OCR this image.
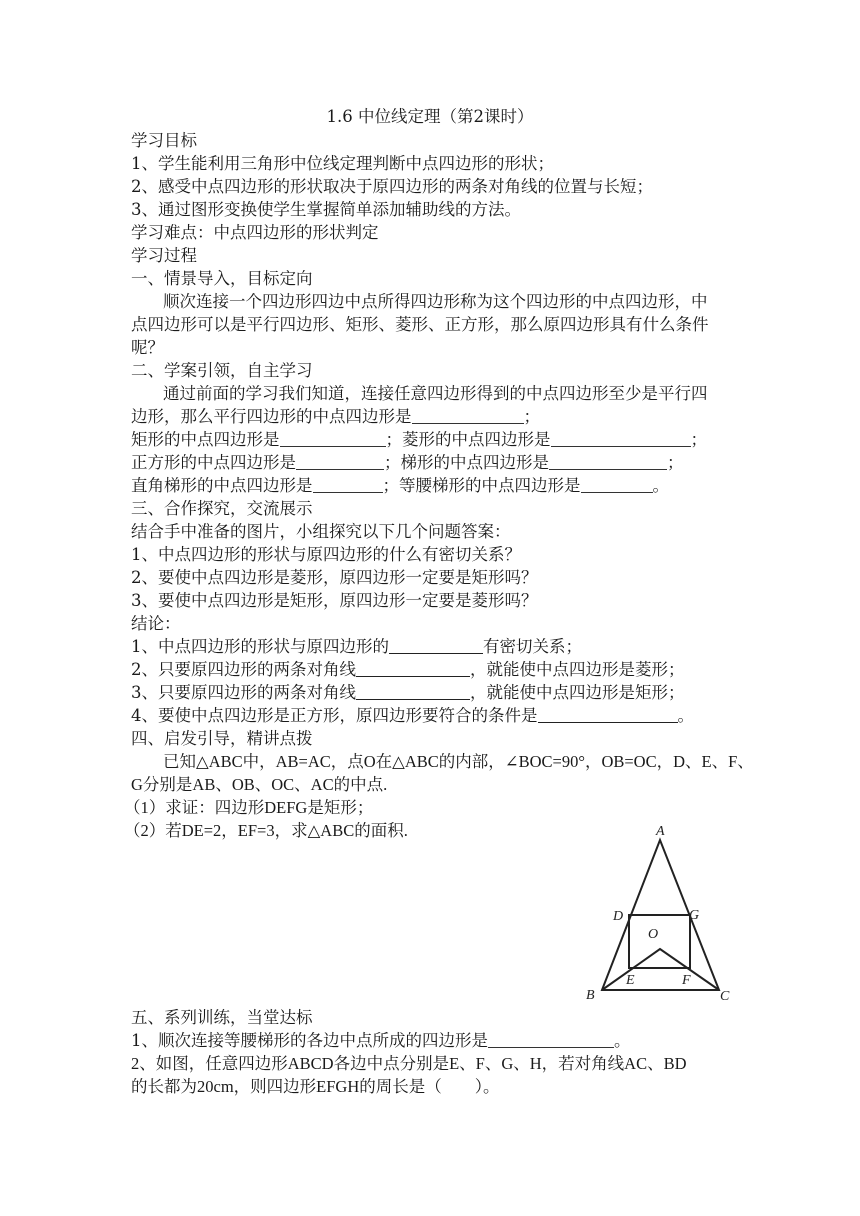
1.6 中位线定理（第2课时）
学习目标
1、学生能利用三角形中位线定理判断中点四边形的形状；
2、感受中点四边形的形状取决于原四边形的两条对角线的位置与长短；
3、通过图形变换使学生掌握简单添加辅助线的方法。
学习难点：中点四边形的形状判定
学习过程
一、情景导入，目标定向
顺次连接一个四边形四边中点所得四边形称为这个四边形的中点四边形，中
点四边形可以是平行四边形、矩形、菱形、正方形，那么原四边形具有什么条件
呢？
二、学案引领，自主学习
通过前面的学习我们知道，连接任意四边形得到的中点四边形至少是平行四
边形，那么平行四边形的中点四边形是	；
矩形的中点四边形是	；菱形的中点四边形是	；
正方形的中点四边形是	；梯形的中点四边形是	；
直角梯形的中点四边形是	；等腰梯形的中点四边形是	。
三、合作探究，交流展示
结合手中准备的图片，小组探究以下几个问题答案：
1、中点四边形的形状与原四边形的什么有密切关系？
2、要使中点四边形是菱形，原四边形一定要是矩形吗？
3、要使中点四边形是矩形，原四边形一定要是菱形吗？
结论：
1、中点四边形的形状与原四边形的	有密切关系；
2、只要原四边形的两条对角线	，就能使中点四边形是菱形；
3、只要原四边形的两条对角线	，就能使中点四边形是矩形；
4、要使中点四边形是正方形，原四边形要符合的条件是	。
四、启发引导，精讲点拨
已知△ABC中，AB=AC，点O在△ABC的内部，∠BOC=90°，OB=OC，D、E、F、
G分别是AB、OB、OC、AC的中点.
（1）求证：四边形DEFG是矩形；
（2）若DE=2，EF=3，求△ABC的面积.	A
B	C
D	G
O
E	F
五、系列训练，当堂达标
1、顺次连接等腰梯形的各边中点所成的四边形是	。
2、如图，任意四边形ABCD各边中点分别是E、F、G、H，若对角线AC、BD
的长都为20cm，则四边形EFGH的周长是（　　）。
